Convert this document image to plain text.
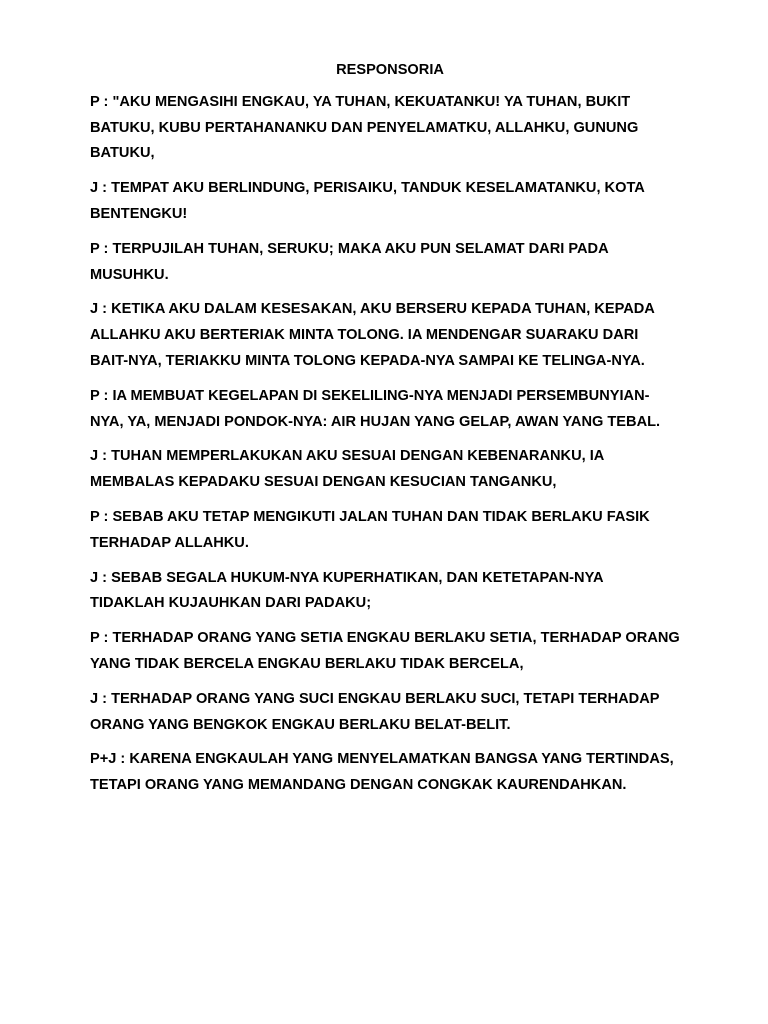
RESPONSORIA

P : "AKU MENGASIHI ENGKAU, YA TUHAN, KEKUATANKU! YA TUHAN, BUKIT
BATUKU, KUBU PERTAHANANKU DAN PENYELAMATKU, ALLAHKU, GUNUNG
BATUKU,

J : TEMPAT AKU BERLINDUNG, PERISAIKU, TANDUK KESELAMATANKU, KOTA
BENTENGKU!

P : TERPUJILAH TUHAN, SERUKU; MAKA AKU PUN SELAMAT DARI PADA
MUSUHKU.

J : KETIKA AKU DALAM KESESAKAN, AKU BERSERU KEPADA TUHAN, KEPADA
ALLAHKU AKU BERTERIAK MINTA TOLONG. IA MENDENGAR SUARAKU DARI
BAIT-NYA, TERIAKKU MINTA TOLONG KEPADA-NYA SAMPAI KE TELINGA-NYA.

P : IA MEMBUAT KEGELAPAN DI SEKELILING-NYA MENJADI PERSEMBUNYIAN-
NYA, YA, MENJADI PONDOK-NYA: AIR HUJAN YANG GELAP, AWAN YANG TEBAL.

J : TUHAN MEMPERLAKUKAN AKU SESUAI DENGAN KEBENARANKU, IA
MEMBALAS KEPADAKU SESUAI DENGAN KESUCIAN TANGANKU,

P : SEBAB AKU TETAP MENGIKUTI JALAN TUHAN DAN TIDAK BERLAKU FASIK
TERHADAP ALLAHKU.

J : SEBAB SEGALA HUKUM-NYA KUPERHATIKAN, DAN KETETAPAN-NYA
TIDAKLAH KUJAUHKAN DARI PADAKU;

P : TERHADAP ORANG YANG SETIA ENGKAU BERLAKU SETIA, TERHADAP ORANG
YANG TIDAK BERCELA ENGKAU BERLAKU TIDAK BERCELA,

J : TERHADAP ORANG YANG SUCI ENGKAU BERLAKU SUCI, TETAPI TERHADAP
ORANG YANG BENGKOK ENGKAU BERLAKU BELAT-BELIT.

P+J : KARENA ENGKAULAH YANG MENYELAMATKAN BANGSA YANG TERTINDAS,
TETAPI ORANG YANG MEMANDANG DENGAN CONGKAK KAURENDAHKAN.
